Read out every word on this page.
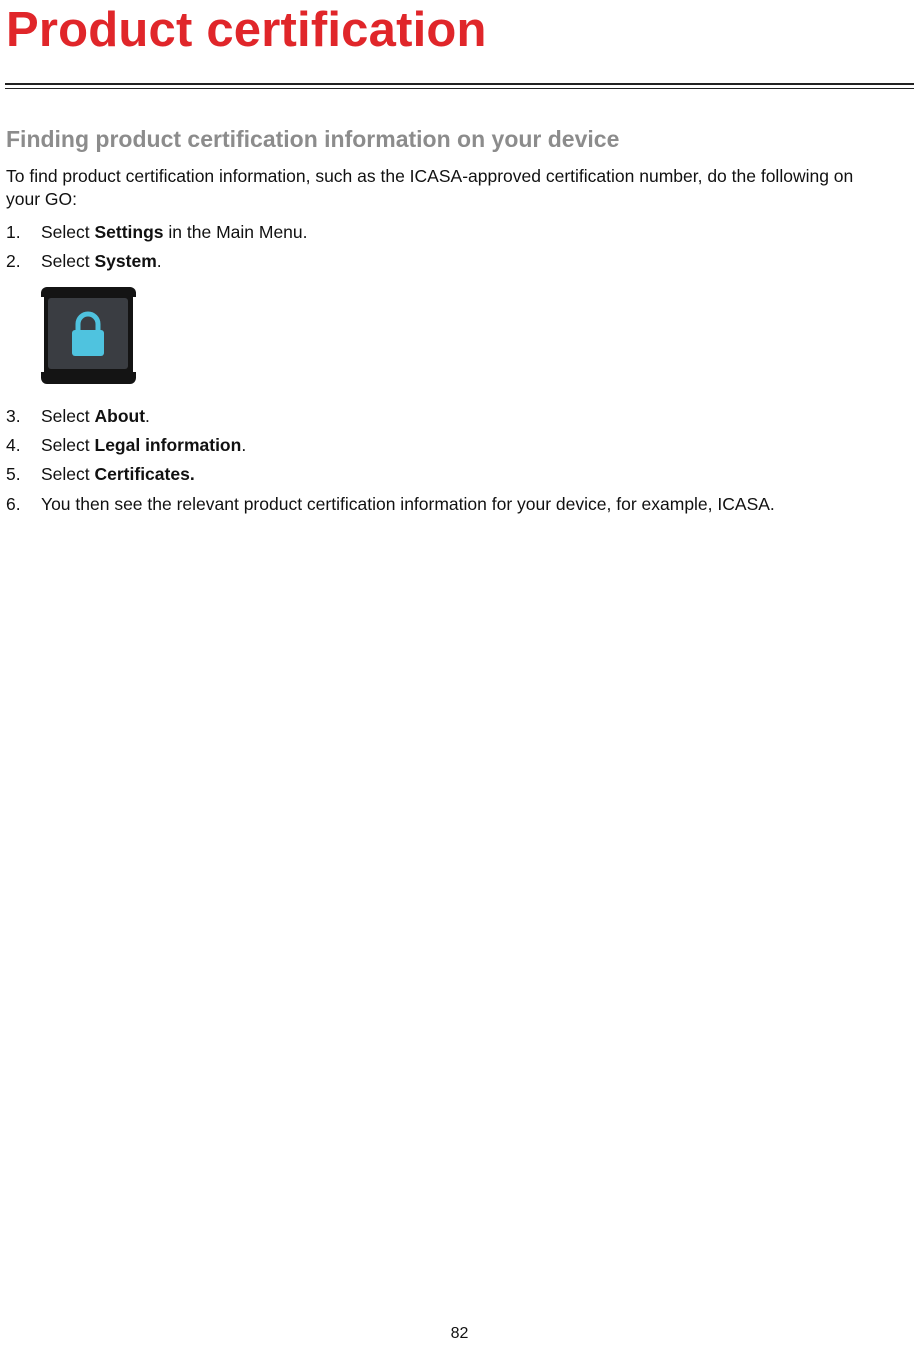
Product certification
Finding product certification information on your device

To find product certification information, such as the ICASA-approved certification number, do the following on your GO:

1. Select Settings in the Main Menu.

2. Select System.

3. Select About.

4. Select Legal information.

5. Select Certificates.

6. You then see the relevant product certification information for your device, for example, ICASA.

82
